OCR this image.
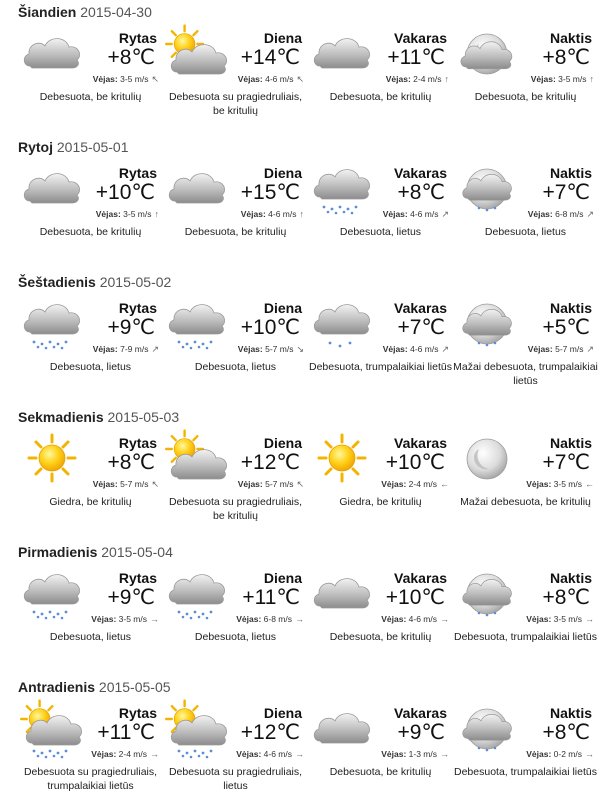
Šiandien 2015-04-30
Rytas
+8℃
Vėjas: 3-5 m/s ↖
Debesuota, be kritulių
Diena
+14℃
Vėjas: 4-6 m/s ↖
Debesuota su pragiedruliais, be kritulių
Vakaras
+11℃
Vėjas: 2-4 m/s ↑
Debesuota, be kritulių
Naktis
+8℃
Vėjas: 3-5 m/s ↑
Debesuota, be kritulių
Rytoj 2015-05-01
Rytas
+10℃
Vėjas: 3-5 m/s ↑
Debesuota, be kritulių
Diena
+15℃
Vėjas: 4-6 m/s ↑
Debesuota, be kritulių
Vakaras
+8℃
Vėjas: 4-6 m/s ↗
Debesuota, lietus
Naktis
+7℃
Vėjas: 6-8 m/s ↗
Debesuota, lietus
Šeštadienis 2015-05-02
Rytas
+9℃
Vėjas: 7-9 m/s ↗
Debesuota, lietus
Diena
+10℃
Vėjas: 5-7 m/s ↘
Debesuota, lietus
Vakaras
+7℃
Vėjas: 4-6 m/s ↗
Debesuota, trumpalaikiai lietūs
Naktis
+5℃
Vėjas: 5-7 m/s ↗
Mažai debesuota, trumpalaikiai lietūs
Sekmadienis 2015-05-03
Rytas
+8℃
Vėjas: 5-7 m/s ↖
Giedra, be kritulių
Diena
+12℃
Vėjas: 5-7 m/s ↖
Debesuota su pragiedruliais, be kritulių
Vakaras
+10℃
Vėjas: 2-4 m/s ←
Giedra, be kritulių
Naktis
+7℃
Vėjas: 3-5 m/s ←
Mažai debesuota, be kritulių
Pirmadienis 2015-05-04
Rytas
+9℃
Vėjas: 3-5 m/s →
Debesuota, lietus
Diena
+11℃
Vėjas: 6-8 m/s →
Debesuota, lietus
Vakaras
+10℃
Vėjas: 4-6 m/s →
Debesuota, be kritulių
Naktis
+8℃
Vėjas: 3-5 m/s →
Debesuota, trumpalaikiai lietūs
Antradienis 2015-05-05
Rytas
+11℃
Vėjas: 2-4 m/s →
Debesuota su pragiedruliais, trumpalaikiai lietūs
Diena
+12℃
Vėjas: 4-6 m/s →
Debesuota su pragiedruliais, lietus
Vakaras
+9℃
Vėjas: 1-3 m/s →
Debesuota, be kritulių
Naktis
+8℃
Vėjas: 0-2 m/s →
Debesuota, trumpalaikiai lietūs
